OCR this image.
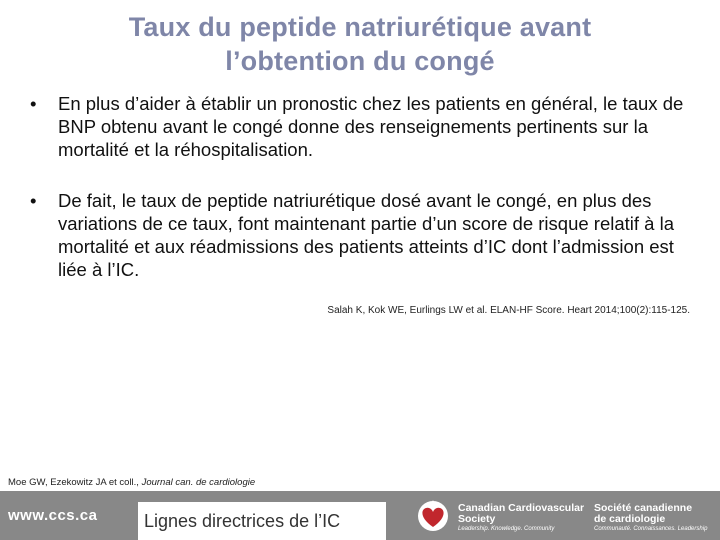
Taux du peptide natriurétique avant
l’obtention du congé
• En plus d’aider à établir un pronostic chez les patients en général, le taux de BNP obtenu avant le congé donne des renseignements pertinents sur la mortalité et la réhospitalisation.
• De fait, le taux de peptide natriurétique dosé avant le congé, en plus des variations de ce taux, font maintenant partie d’un score de risque relatif à la mortalité et aux réadmissions des patients atteints d’IC dont l’admission est liée à l’IC.
Salah K, Kok WE, Eurlings LW et al. ELAN-HF Score. Heart 2014;100(2):115-125.
Moe GW, Ezekowitz JA et coll., Journal can. de cardiologie
www.ccs.ca	Lignes directrices de l’IC
Canadian Cardiovascular
Society
Leadership. Knowledge. Community
Société canadienne
de cardiologie
Communauté. Connaissances. Leadership
